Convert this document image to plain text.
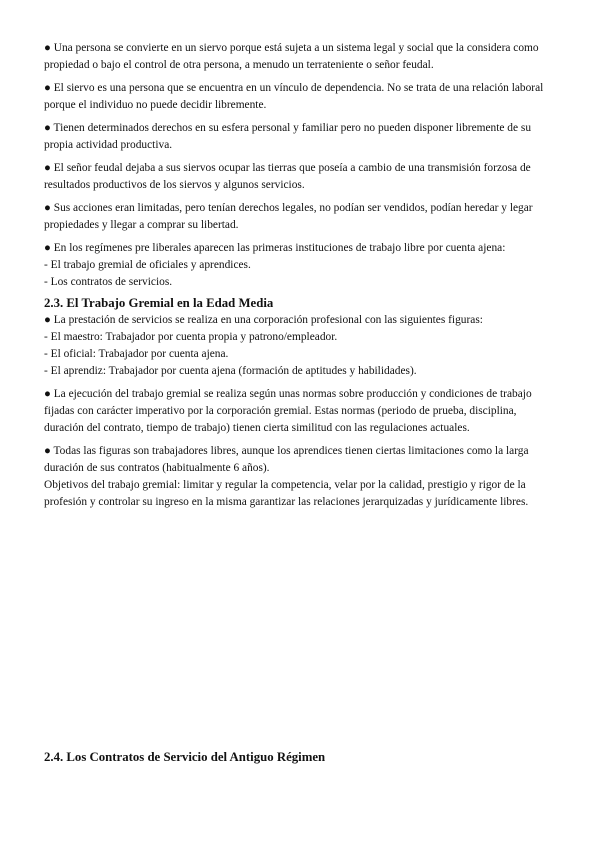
● Una persona se convierte en un siervo porque está sujeta a un sistema legal y social que la considera como propiedad o bajo el control de otra persona, a menudo un terrateniente o señor feudal.

● El siervo es una persona que se encuentra en un vínculo de dependencia. No se trata de una relación laboral porque el individuo no puede decidir libremente.

● Tienen determinados derechos en su esfera personal y familiar pero no pueden disponer libremente de su propia actividad productiva.

● El señor feudal dejaba a sus siervos ocupar las tierras que poseía a cambio de una transmisión forzosa de resultados productivos de los siervos y algunos servicios.

● Sus acciones eran limitadas, pero tenían derechos legales, no podían ser vendidos, podían heredar y legar propiedades y llegar a comprar su libertad.

● En los regímenes pre liberales aparecen las primeras instituciones de trabajo libre por cuenta ajena:

- El trabajo gremial de oficiales y aprendices.

- Los contratos de servicios.

2.3. El Trabajo Gremial en la Edad Media

● La prestación de servicios se realiza en una corporación profesional con las siguientes figuras:

- El maestro: Trabajador por cuenta propia y patrono/empleador.

- El oficial: Trabajador por cuenta ajena.

- El aprendiz: Trabajador por cuenta ajena (formación de aptitudes y habilidades).

● La ejecución del trabajo gremial se realiza según unas normas sobre producción y condiciones de trabajo fijadas con carácter imperativo por la corporación gremial. Estas normas (periodo de prueba, disciplina, duración del contrato, tiempo de trabajo) tienen cierta similitud con las regulaciones actuales.

● Todas las figuras son trabajadores libres, aunque los aprendices tienen ciertas limitaciones como la larga duración de sus contratos (habitualmente 6 años).

Objetivos del trabajo gremial: limitar y regular la competencia, velar por la calidad, prestigio y rigor de la profesión y controlar su ingreso en la misma garantizar las relaciones jerarquizadas y jurídicamente libres.

2.4. Los Contratos de Servicio del Antiguo Régimen
